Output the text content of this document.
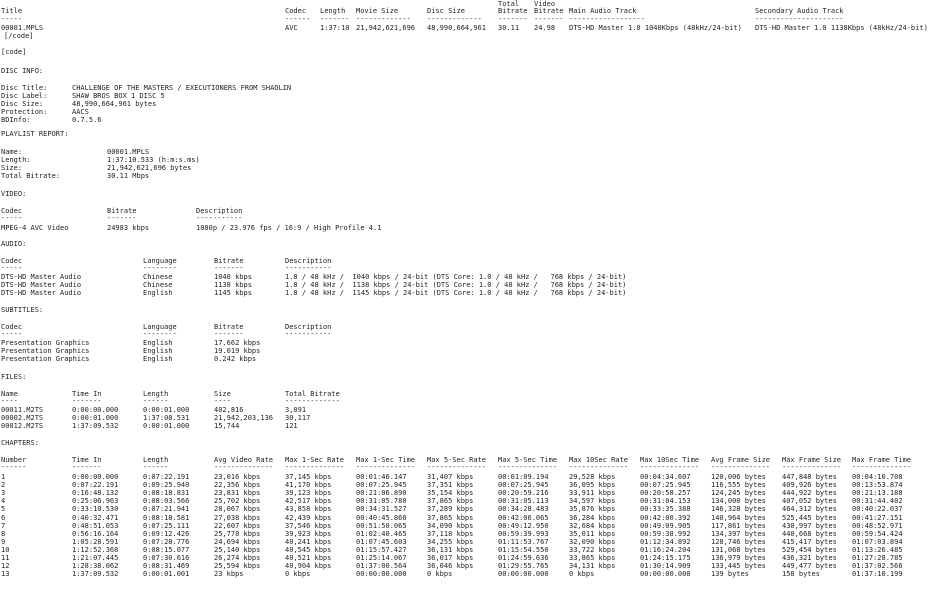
Total Video
Title	Codec Length Movie Size	Disc Size	Bitrate Bitrate Main Audio Track	Secondary Audio Track
-----	------ ------- ------------- ------------- ------- ------- ------------------	---------------------
00001.MPLS	AVC	1:37:10 21,942,621,696 48,990,664,961 30.11 24.98 DTS-HD Master 1.0 1040Kbps (48kHz/24-bit) DTS-HD Master 1.0 1138Kbps (48kHz/24-bit)
[/code]
[code]
DISC INFO:
Disc Title:	CHALLENGE OF THE MASTERS / EXECUTIONERS FROM SHAOLIN
Disc Label:	SHAW BROS BOX 1 DISC 5
Disc Size:	48,990,664,961 bytes
Protection:	AACS
BDInfo:	0.7.5.6
PLAYLIST REPORT:
Name:	00001.MPLS
Length:	1:37:10.533 (h:m:s.ms)
Size:	21,942,621,696 bytes
Total Bitrate:	30.11 Mbps
VIDEO:
Codec	Bitrate	Description
-----	-------	-----------
MPEG-4 AVC Video	24983 kbps	1080p / 23.976 fps / 16:9 / High Profile 4.1
AUDIO:
Codec	Language	Bitrate	Description
-----	--------	-------	-----------
DTS-HD Master Audio	Chinese	1040 kbps	1.0 / 48 kHz /  1040 kbps / 24-bit (DTS Core: 1.0 / 48 kHz /   768 kbps / 24-bit)
DTS-HD Master Audio	Chinese	1138 kbps	1.0 / 48 kHz /  1138 kbps / 24-bit (DTS Core: 1.0 / 48 kHz /   768 kbps / 24-bit)
DTS-HD Master Audio	English	1145 kbps	1.0 / 48 kHz /  1145 kbps / 24-bit (DTS Core: 1.0 / 48 kHz /   768 kbps / 24-bit)
SUBTITLES:
Codec	Language	Bitrate	Description
-----	--------	-------	-----------
Presentation Graphics	English	17.662 kbps
Presentation Graphics	English	19.019 kbps
Presentation Graphics	English	0.242 kbps
FILES:
Name	Time In	Length	Size	Total Bitrate
----	-------	------	----	-------------
00011.M2TS	0:00:00.000	0:00:01.000	402,816	3,091
00002.M2TS	0:00:01.000	1:37:08.531	21,942,203,136 30,117
00012.M2TS	1:37:09.532	0:00:01.000	15,744	121
CHAPTERS:
Number	Time In	Length	Avg Video Rate Max 1-Sec Rate Max 1-Sec Time Max 5-Sec Rate Max 5-Sec Time Max 10Sec Rate Max 10Sec Time Avg Frame Size Max Frame Size Max Frame Time
------	-------	------	-------------- -------------- -------------- -------------- -------------- -------------- -------------- -------------- -------------- --------------
1	0:00:00.000	0:07:22.191	23,016 kbps	37,145 kbps	00:01:46.147	31,407 kbps	00:01:09.194	29,528 kbps	00:04:34.607	120,006 bytes 447,848 bytes 00:04:10.708
2	0:07:22.191	0:09:25.940	22,356 kbps	41,170 kbps	00:07:25.945	37,351 kbps	00:07:25.945	36,095 kbps	00:07:25.945	116,555 bytes 409,926 bytes 00:13:53.874
3	0:16:48.132	0:08:18.831	23,831 kbps	39,123 kbps	00:21:06.890	35,154 kbps	00:20:59.216	33,911 kbps	00:20:58.257	124,245 bytes 444,922 bytes 00:21:13.188
4	0:25:06.963	0:08:03.566	25,702 kbps	42,517 kbps	00:31:05.780	37,865 kbps	00:31:05.113	34,597 kbps	00:31:04.153	134,000 bytes 407,052 bytes 00:31:44.402
5	0:33:10.530	0:07:21.941	28,067 kbps	43,858 kbps	00:34:31.527	37,289 kbps	00:34:28.483	35,876 kbps	00:33:35.388	146,328 bytes 464,312 bytes 00:40:22.037
6	0:40:32.471	0:08:18.581	27,038 kbps	42,439 kbps	00:40:45.860	37,865 kbps	00:42:06.065	36,284 kbps	00:42:00.392	140,964 bytes 525,445 bytes 00:41:27.151
7	0:48:51.053	0:07:25.111	22,607 kbps	37,546 kbps	00:51:50.065	34,090 kbps	00:49:12.950	32,684 kbps	00:49:09.905	117,861 bytes 430,997 bytes 00:48:52.971
8	0:56:16.164	0:09:12.426	25,778 kbps	39,923 kbps	01:02:40.465	37,118 kbps	00:59:39.993	35,011 kbps	00:59:38.992	134,397 bytes 440,668 bytes 00:59:54.424
9	1:05:28.591	0:07:28.776	24,694 kbps	40,241 kbps	01:07:45.603	34,255 kbps	01:11:53.767	32,090 kbps	01:12:34.892	128,746 bytes 415,417 bytes 01:07:03.894
10	1:12:52.368	0:08:15.077	25,140 kbps	40,545 kbps	01:15:57.427	36,131 kbps	01:15:54.550	33,722 kbps	01:16:24.204	131,068 bytes 529,454 bytes 01:13:26.485
11	1:21:07.445	0:07:30.616	26,274 kbps	40,521 kbps	01:25:14.067	36,017 kbps	01:24:59.636	33,865 kbps	01:24:15.175	136,979 bytes 436,321 bytes 01:27:28.785
12	1:28:38.062	0:08:31.469	25,594 kbps	40,904 kbps	01:37:00.564	36,046 kbps	01:29:55.765	34,131 kbps	01:30:14.909	133,445 bytes 449,477 bytes 01:37:02.566
13	1:37:09.532	0:00:01.001	23 kbps	0 kbps	00:00:00.000	0 kbps	00:00:00.000	0 kbps	00:00:00.000	139 bytes	158 bytes	01:37:10.199
